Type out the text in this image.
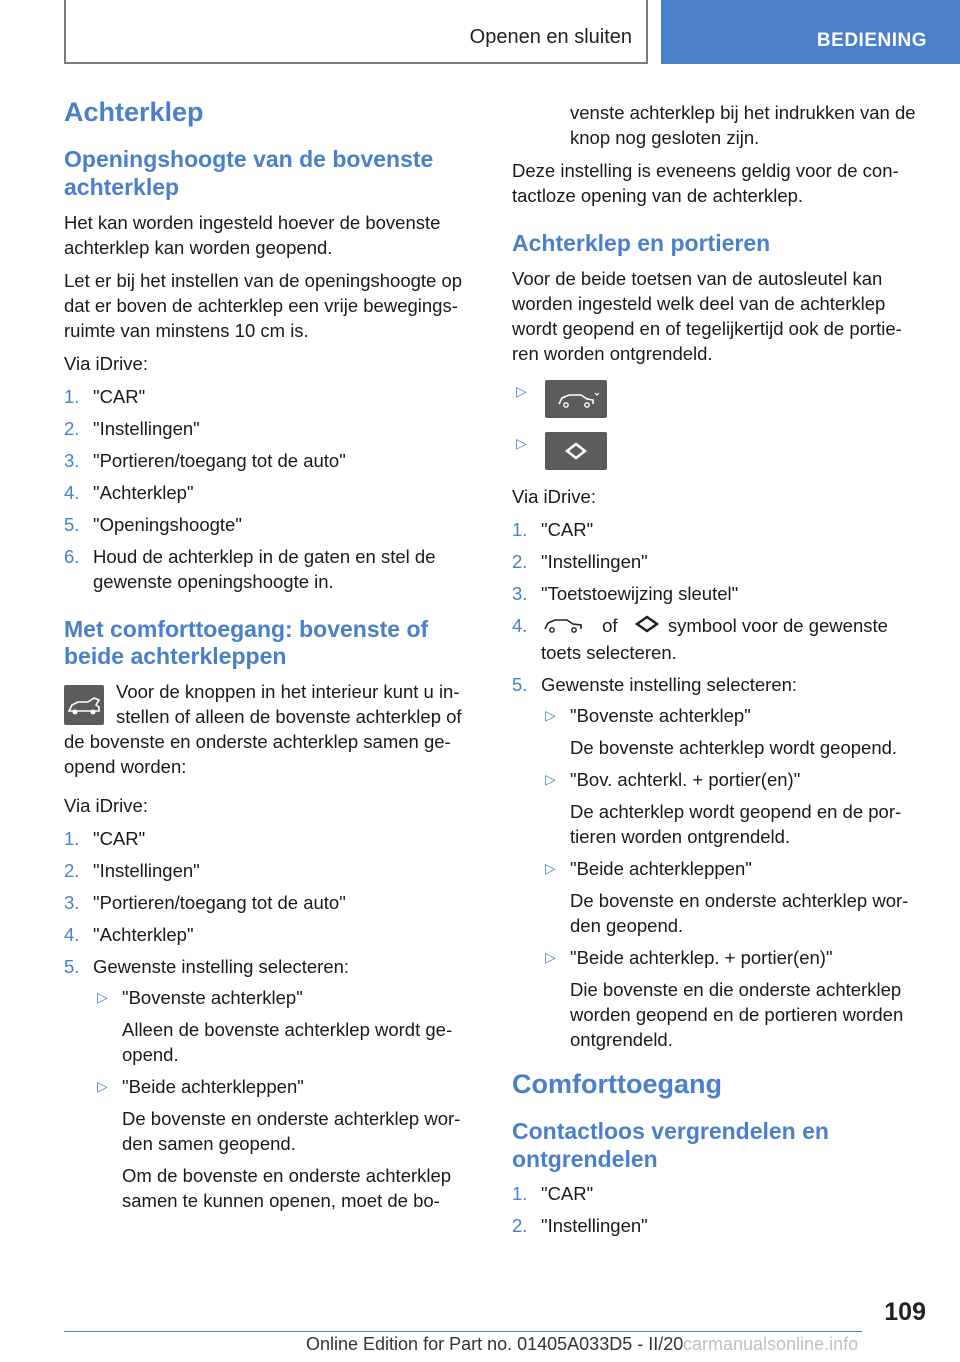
Openen en sluiten	BEDIENING
Achterklep
Openingshoogte van de bovenste achterklep

Het kan worden ingesteld hoever de bovenste achterklep kan worden geopend.

Let er bij het instellen van de openingshoogte op dat er boven de achterklep een vrije bewegings-ruimte van minstens 10 cm is.

Via iDrive:

1. "CAR"
2. "Instellingen"
3. "Portieren/toegang tot de auto"
4. "Achterklep"
5. "Openingshoogte"
6. Houd de achterklep in de gaten en stel de gewenste openingshoogte in.
Met comforttoegang: bovenste of beide achterkleppen

Voor de knoppen in het interieur kunt u in-stellen of alleen de bovenste achterklep of de bovenste en onderste achterklep samen ge-opend worden:

Via iDrive:

1. "CAR"
2. "Instellingen"
3. "Portieren/toegang tot de auto"
4. "Achterklep"
5. Gewenste instelling selecteren:
▷ "Bovenste achterklep"
Alleen de bovenste achterklep wordt ge-opend.
▷ "Beide achterkleppen"
De bovenste en onderste achterklep wor-den samen geopend.
Om de bovenste en onderste achterklep samen te kunnen openen, moet de bo-

venste achterklep bij het indrukken van de knop nog gesloten zijn.

Deze instelling is eveneens geldig voor de con-tactloze opening van de achterklep.

Achterklep en portieren

Voor de beide toetsen van de autosleutel kan worden ingesteld welk deel van de achterklep wordt geopend en of tegelijkertijd ook de portie-ren worden ontgrendeld.

▷
▷

Via iDrive:

1. "CAR"
2. "Instellingen"
3. "Toetstoewijzing sleutel"
4.	of	symbool voor de gewenste toets selecteren.
5. Gewenste instelling selecteren:
▷ "Bovenste achterklep"
De bovenste achterklep wordt geopend.
▷ "Bov. achterkl. + portier(en)"
De achterklep wordt geopend en de por-tieren worden ontgrendeld.
▷ "Beide achterkleppen"
De bovenste en onderste achterklep wor-den geopend.
▷ "Beide achterklep. + portier(en)"
Die bovenste en die onderste achterklep worden geopend en de portieren worden ontgrendeld.
Comforttoegang
Contactloos vergrendelen en ontgrendelen
1. "CAR"
2. "Instellingen"
109
Online Edition for Part no. 01405A033D5 - II/20 carmanualsonline.info
